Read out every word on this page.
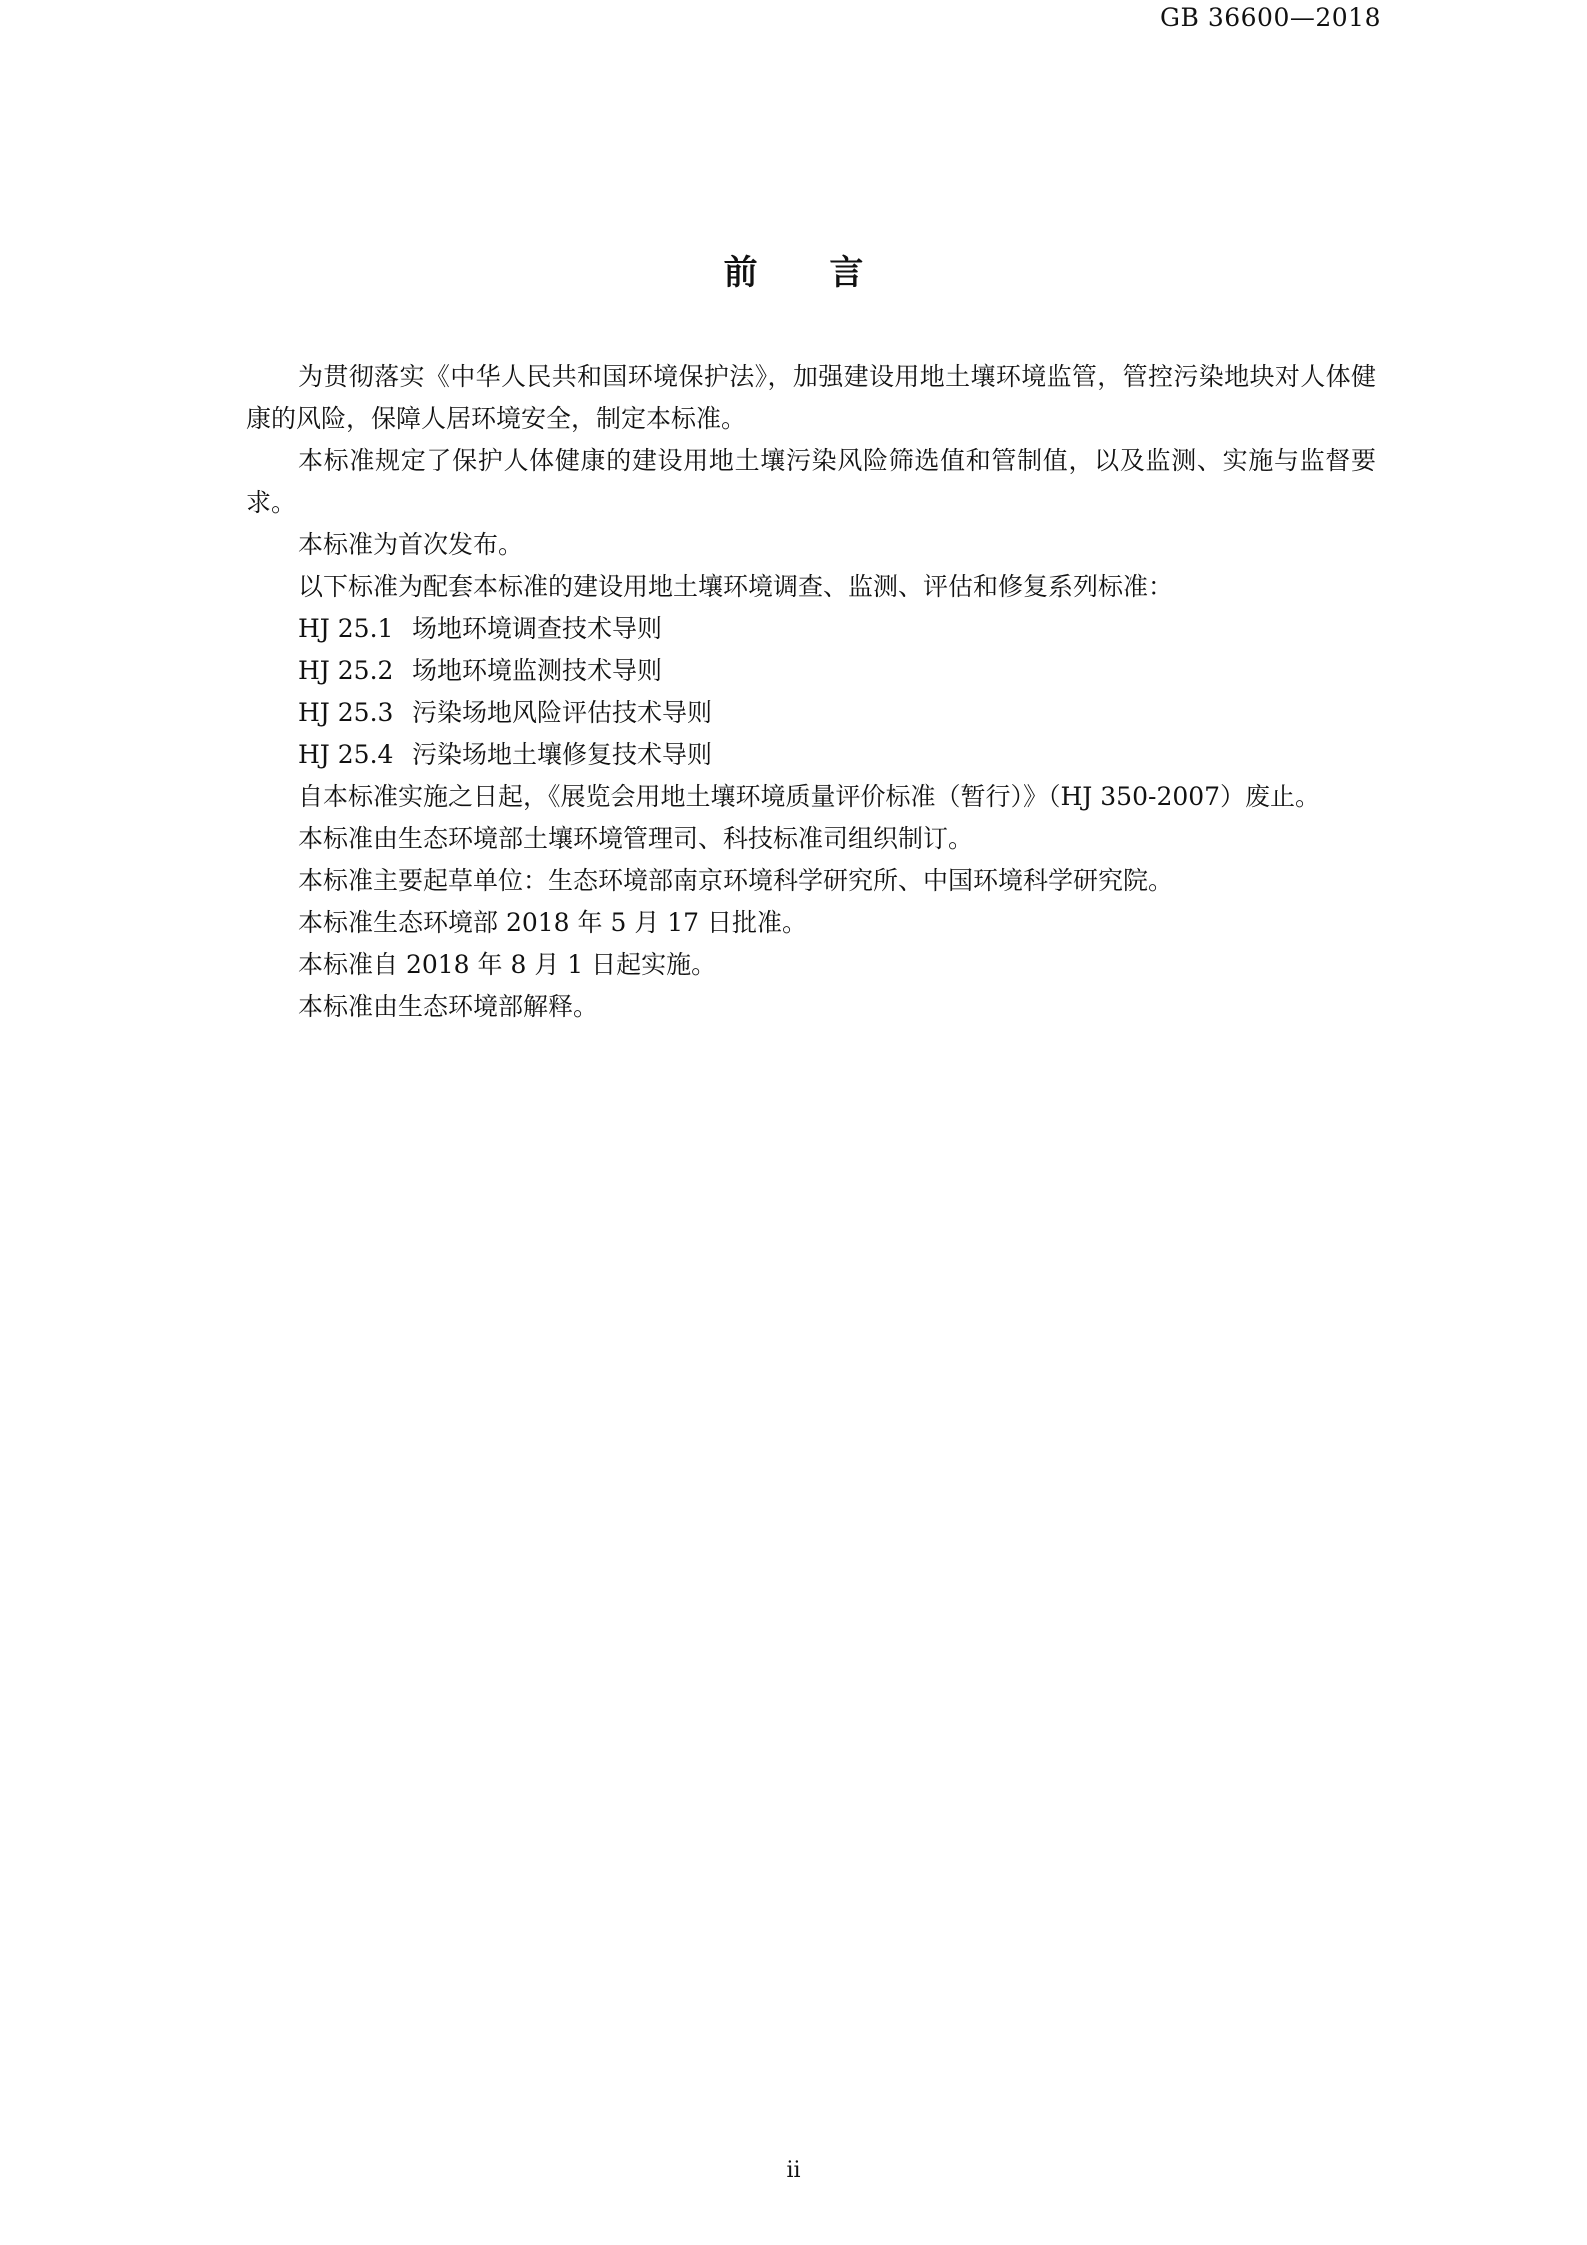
GB 36600—2018
前 言

为贯彻落实《中华人民共和国环境保护法》，加强建设用地土壤环境监管，管控污染地块对人体健康的风险，保障人居环境安全，制定本标准。

本标准规定了保护人体健康的建设用地土壤污染风险筛选值和管制值，以及监测、实施与监督要求。

本标准为首次发布。

以下标准为配套本标准的建设用地土壤环境调查、监测、评估和修复系列标准：

HJ 25.1 场地环境调查技术导则

HJ 25.2 场地环境监测技术导则

HJ 25.3 污染场地风险评估技术导则

HJ 25.4 污染场地土壤修复技术导则

自本标准实施之日起，《展览会用地土壤环境质量评价标准（暂行）》（HJ 350-2007）废止。

本标准由生态环境部土壤环境管理司、科技标准司组织制订。

本标准主要起草单位：生态环境部南京环境科学研究所、中国环境科学研究院。

本标准生态环境部 2018 年 5 月 17 日批准。

本标准自 2018 年 8 月 1 日起实施。

本标准由生态环境部解释。

ii
